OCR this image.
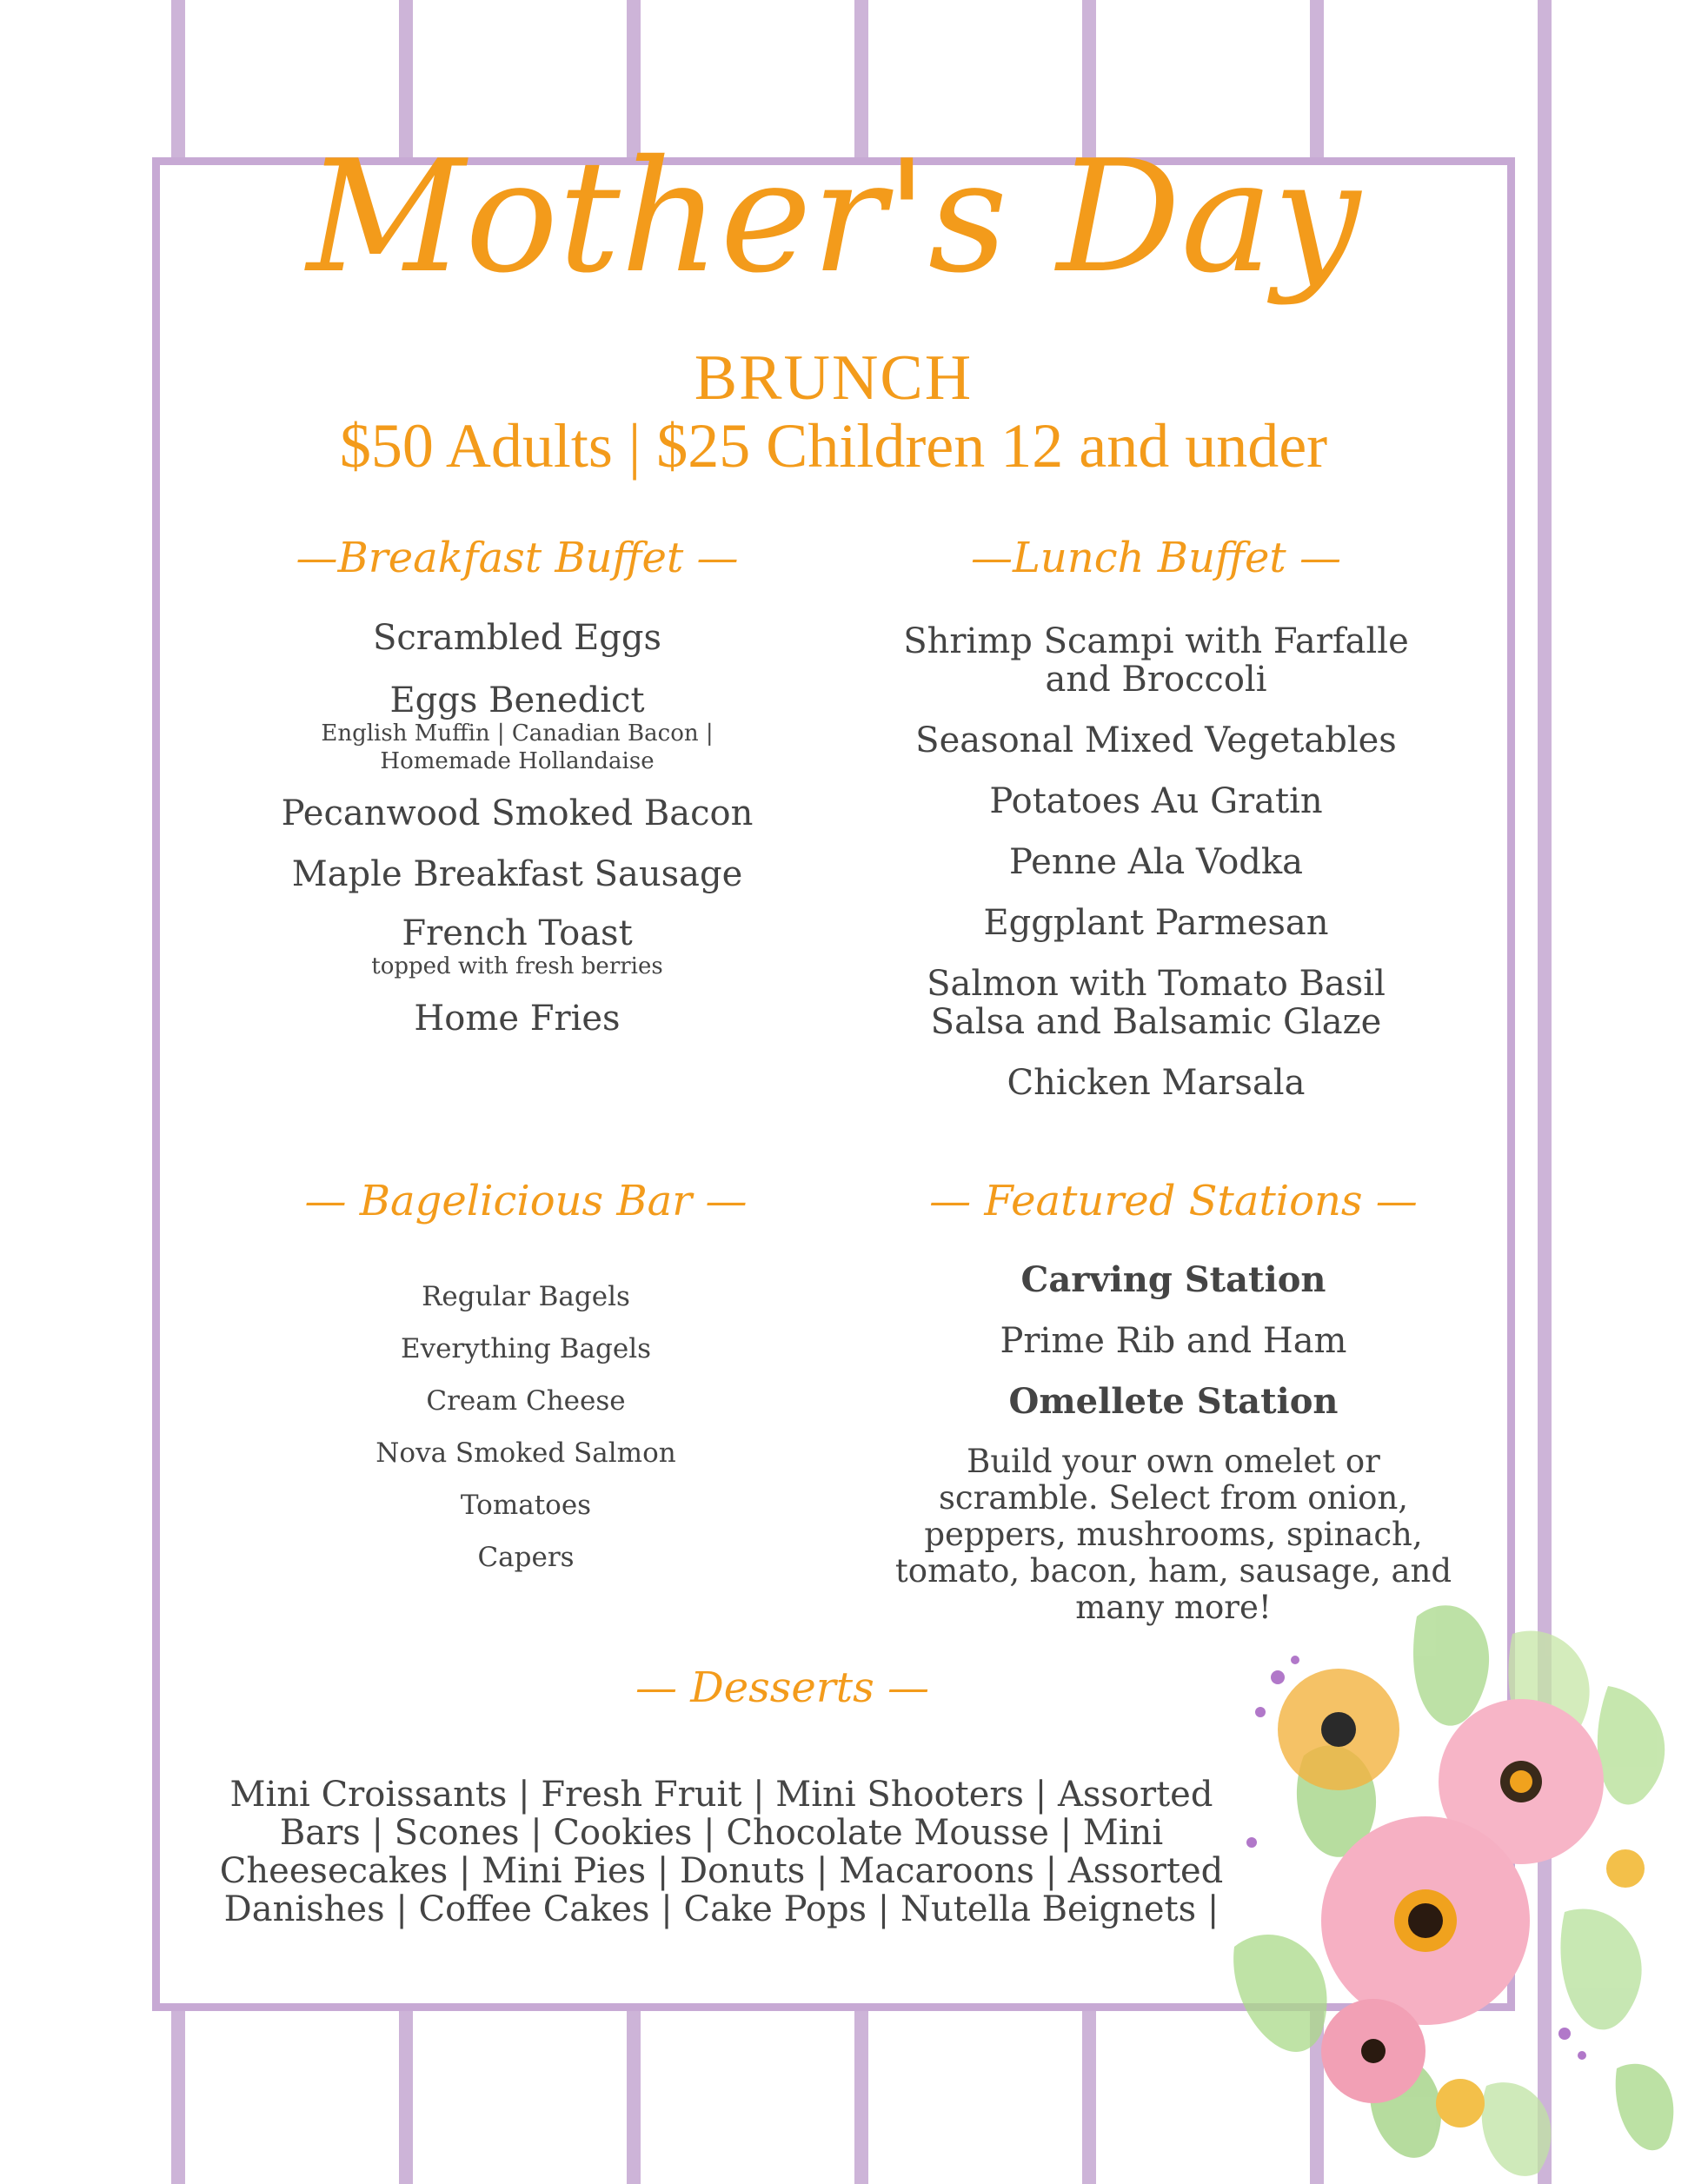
Mother's Day
BRUNCH
$50 Adults | $25 Children 12 and under
—Breakfast Buffet —
Scrambled Eggs
Eggs Benedict
English Muffin | Canadian Bacon |
Homemade Hollandaise
Pecanwood Smoked Bacon
Maple Breakfast Sausage
French Toast
topped with fresh berries
Home Fries
—Lunch Buffet —
Shrimp Scampi with Farfalle
and Broccoli
Seasonal Mixed Vegetables
Potatoes Au Gratin
Penne Ala Vodka
Eggplant Parmesan
Salmon with Tomato Basil
Salsa and Balsamic Glaze
Chicken Marsala
— Bagelicious Bar —
Regular Bagels
Everything Bagels
Cream Cheese
Nova Smoked Salmon
Tomatoes
Capers
— Featured Stations —
Carving Station
Prime Rib and Ham
Omellete Station
Build your own omelet or
scramble. Select from onion,
peppers, mushrooms, spinach,
tomato, bacon, ham, sausage, and
many more!
— Desserts —

Mini Croissants | Fresh Fruit | Mini Shooters | Assorted
Bars | Scones | Cookies | Chocolate Mousse | Mini
Cheesecakes | Mini Pies | Donuts | Macaroons | Assorted
Danishes | Coffee Cakes | Cake Pops | Nutella Beignets |
